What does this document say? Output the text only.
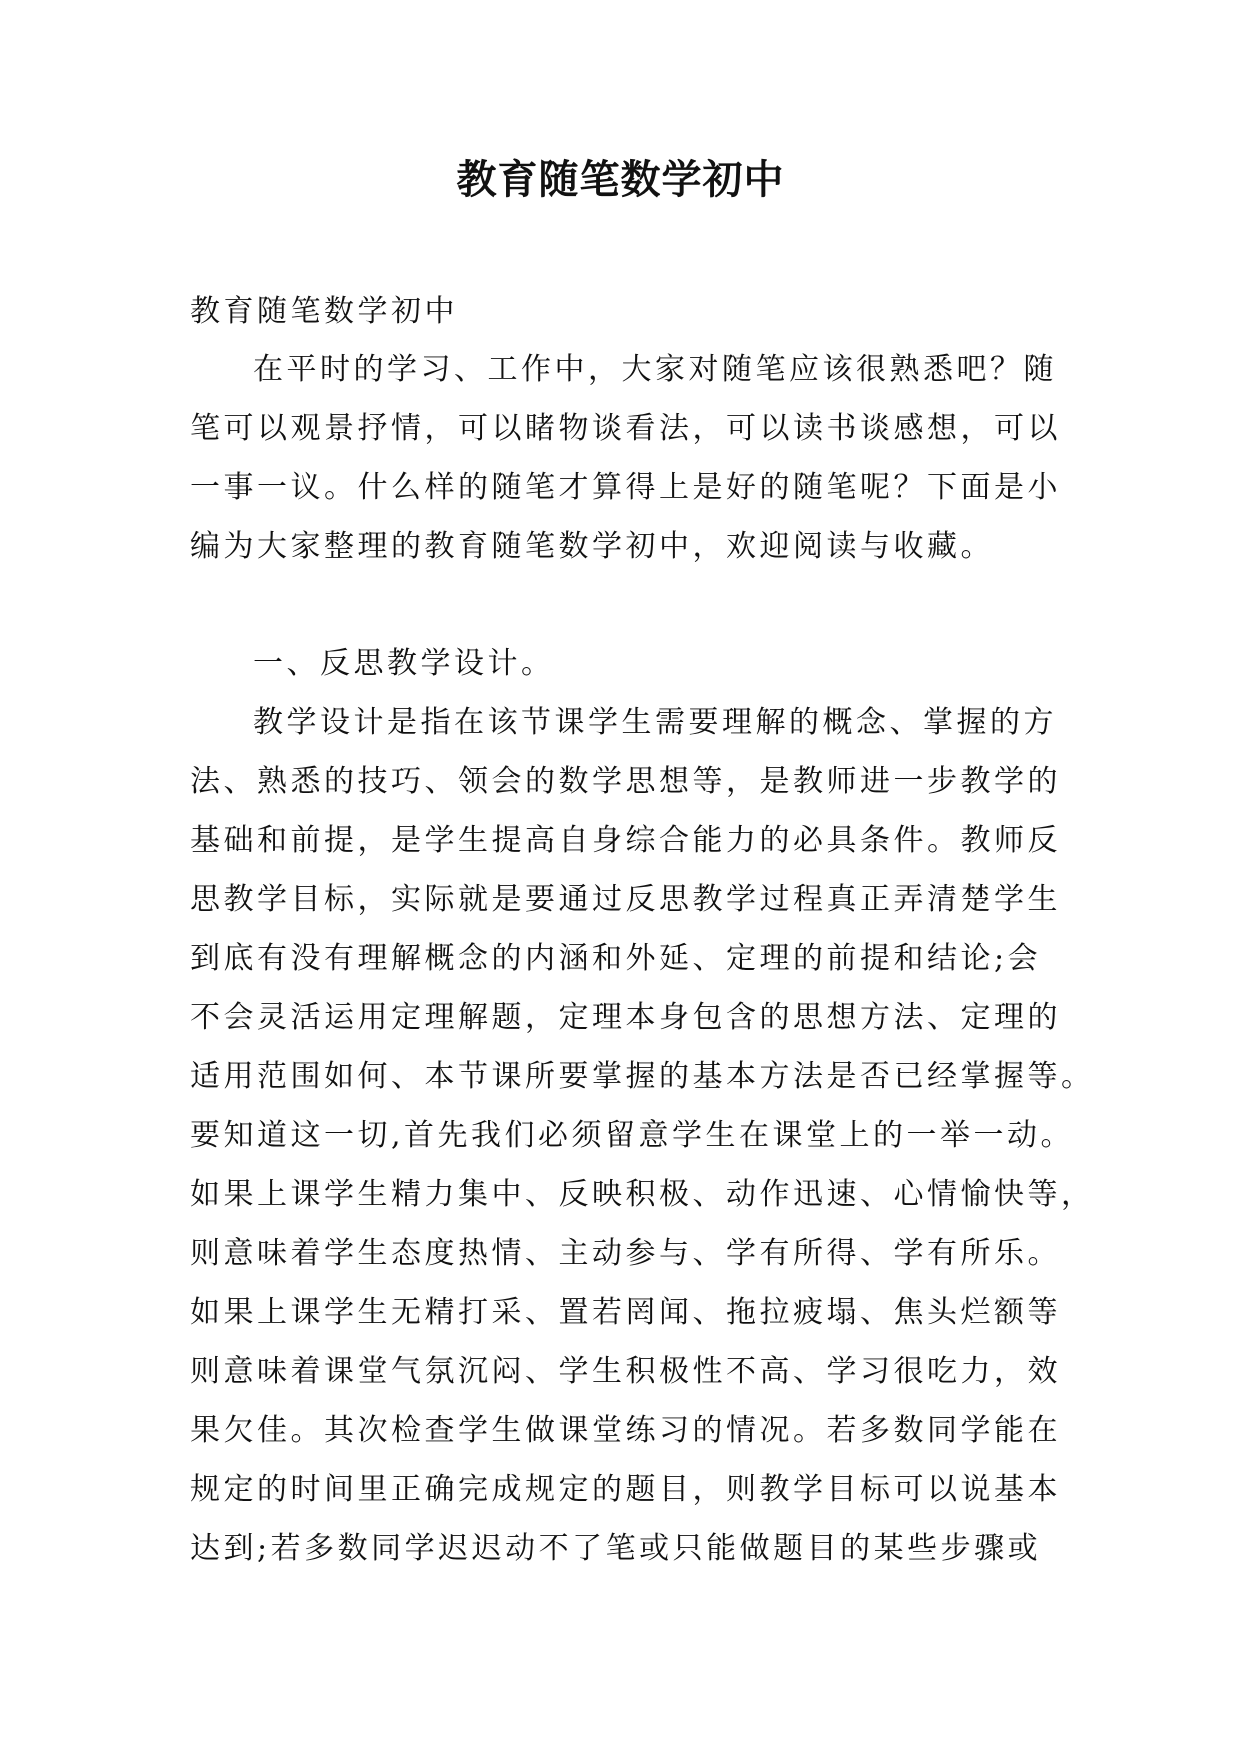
教育随笔数学初中
教育随笔数学初中
在平时的学习、工作中，大家对随笔应该很熟悉吧？随
笔可以观景抒情，可以睹物谈看法，可以读书谈感想，可以
一事一议。什么样的随笔才算得上是好的随笔呢？下面是小
编为大家整理的教育随笔数学初中，欢迎阅读与收藏。
一、反思教学设计。
教学设计是指在该节课学生需要理解的概念、掌握的方
法、熟悉的技巧、领会的数学思想等，是教师进一步教学的
基础和前提，是学生提高自身综合能力的必具条件。教师反
思教学目标，实际就是要通过反思教学过程真正弄清楚学生
到底有没有理解概念的内涵和外延、定理的前提和结论;会
不会灵活运用定理解题，定理本身包含的思想方法、定理的
适用范围如何、本节课所要掌握的基本方法是否已经掌握等。
要知道这一切,首先我们必须留意学生在课堂上的一举一动。
如果上课学生精力集中、反映积极、动作迅速、心情愉快等，
则意味着学生态度热情、主动参与、学有所得、学有所乐。
如果上课学生无精打采、置若罔闻、拖拉疲塌、焦头烂额等
则意味着课堂气氛沉闷、学生积极性不高、学习很吃力，效
果欠佳。其次检查学生做课堂练习的情况。若多数同学能在
规定的时间里正确完成规定的题目，则教学目标可以说基本
达到;若多数同学迟迟动不了笔或只能做题目的某些步骤或
